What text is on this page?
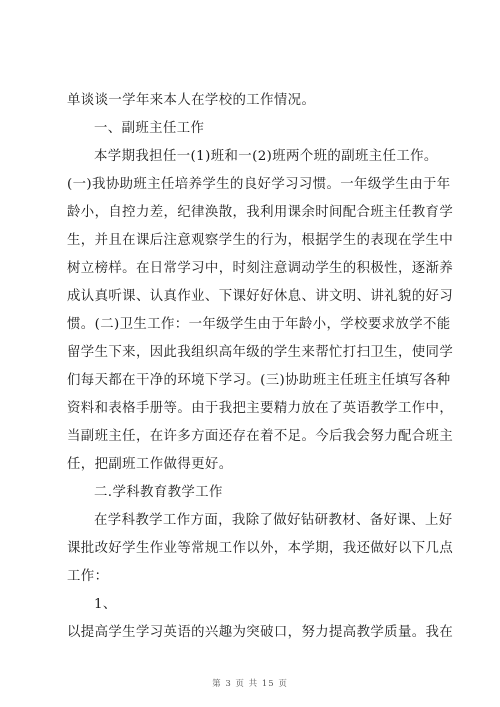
单谈谈一学年来本人在学校的工作情况。
一、副班主任工作
本学期我担任一(1)班和一(2)班两个班的副班主任工作。
(一)我协助班主任培养学生的良好学习习惯。一年级学生由于年
龄小，自控力差，纪律涣散，我利用课余时间配合班主任教育学
生，并且在课后注意观察学生的行为，根据学生的表现在学生中
树立榜样。在日常学习中，时刻注意调动学生的积极性，逐渐养
成认真听课、认真作业、下课好好休息、讲文明、讲礼貌的好习
惯。(二)卫生工作：一年级学生由于年龄小，学校要求放学不能
留学生下来，因此我组织高年级的学生来帮忙打扫卫生，使同学
们每天都在干净的环境下学习。(三)协助班主任班主任填写各种
资料和表格手册等。由于我把主要精力放在了英语教学工作中，
当副班主任，在许多方面还存在着不足。今后我会努力配合班主
任，把副班工作做得更好。
二.学科教育教学工作
在学科教学工作方面，我除了做好钻研教材、备好课、上好
课批改好学生作业等常规工作以外，本学期，我还做好以下几点
工作：
1、
以提高学生学习英语的兴趣为突破口，努力提高教学质量。我在
第 3 页 共 15 页
